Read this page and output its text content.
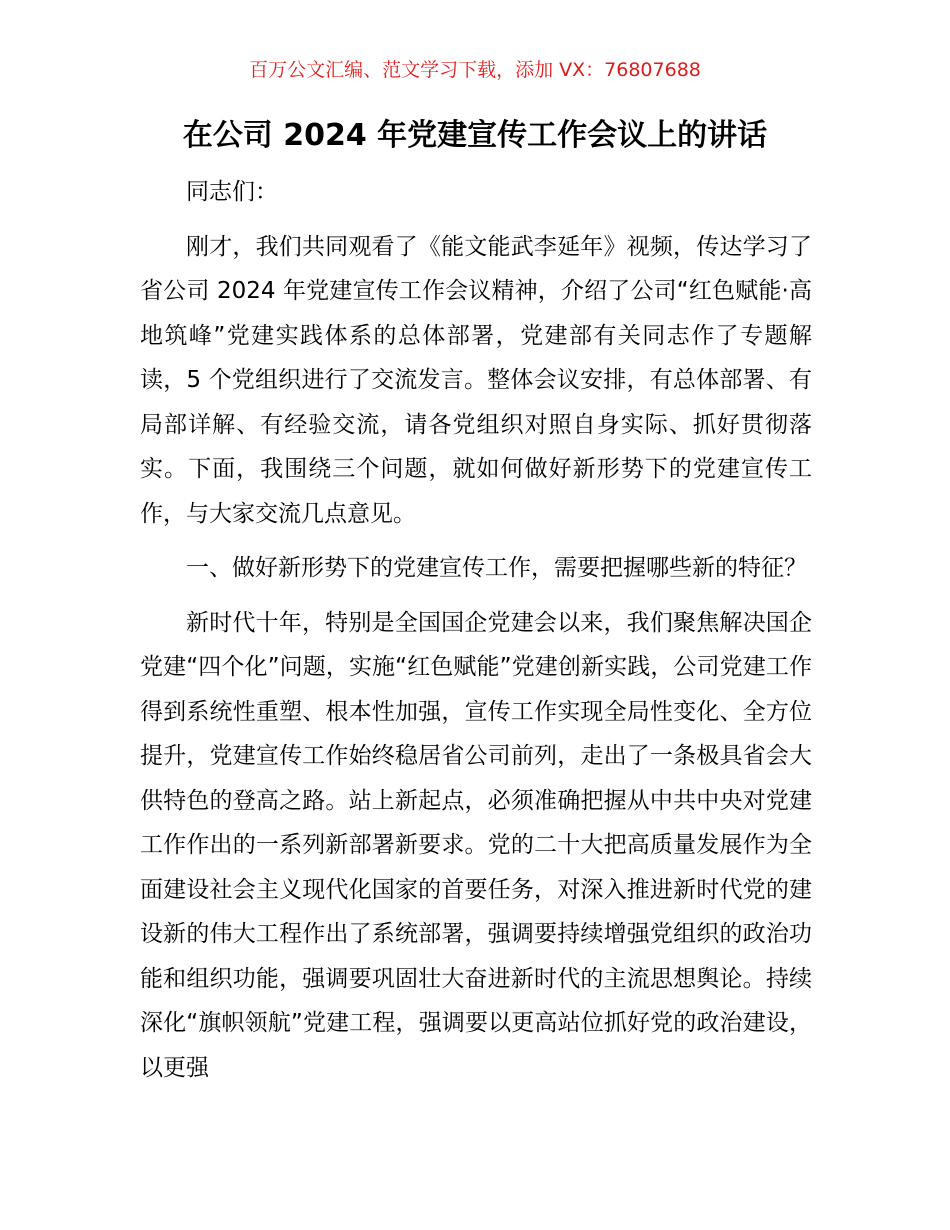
百万公文汇编、范文学习下载，添加 VX：76807688
在公司 2024 年党建宣传工作会议上的讲话

同志们：

刚才，我们共同观看了《能文能武李延年》视频，传达学习了省公司 2024 年党建宣传工作会议精神，介绍了公司“红色赋能·高地筑峰”党建实践体系的总体部署，党建部有关同志作了专题解读，5 个党组织进行了交流发言。整体会议安排，有总体部署、有局部详解、有经验交流，请各党组织对照自身实际、抓好贯彻落实。下面，我围绕三个问题，就如何做好新形势下的党建宣传工作，与大家交流几点意见。

一、做好新形势下的党建宣传工作，需要把握哪些新的特征？

新时代十年，特别是全国国企党建会以来，我们聚焦解决国企党建“四个化”问题，实施“红色赋能”党建创新实践，公司党建工作得到系统性重塑、根本性加强，宣传工作实现全局性变化、全方位提升，党建宣传工作始终稳居省公司前列，走出了一条极具省会大供特色的登高之路。站上新起点，必须准确把握从中共中央对党建工作作出的一系列新部署新要求。党的二十大把高质量发展作为全面建设社会主义现代化国家的首要任务，对深入推进新时代党的建设新的伟大工程作出了系统部署，强调要持续增强党组织的政治功能和组织功能，强调要巩固壮大奋进新时代的主流思想舆论。持续深化“旗帜领航”党建工程，强调要以更高站位抓好党的政治建设，以更强
